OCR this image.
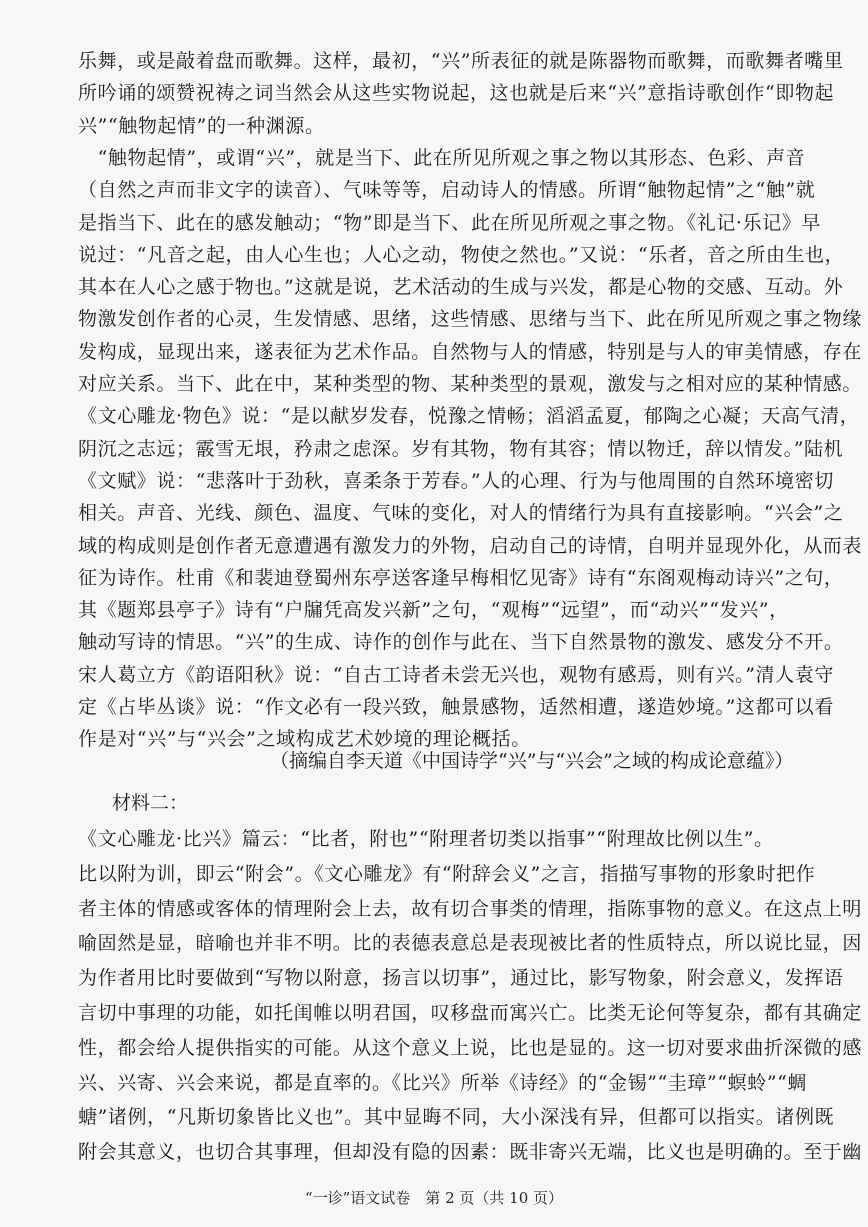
乐舞，或是敲着盘而歌舞。这样，最初，“兴”所表征的就是陈器物而歌舞，而歌舞者嘴里
所吟诵的颂赞祝祷之词当然会从这些实物说起，这也就是后来“兴”意指诗歌创作“即物起
兴”“触物起情”的一种渊源。
　“触物起情”，或谓“兴”，就是当下、此在所见所观之事之物以其形态、色彩、声音
（自然之声而非文字的读音）、气味等等，启动诗人的情感。所谓“触物起情”之“触”就
是指当下、此在的感发触动；“物”即是当下、此在所见所观之事之物。《礼记·乐记》早
说过：“凡音之起，由人心生也；人心之动，物使之然也。”又说：“乐者，音之所由生也，
其本在人心之感于物也。”这就是说，艺术活动的生成与兴发，都是心物的交感、互动。外
物激发创作者的心灵，生发情感、思绪，这些情感、思绪与当下、此在所见所观之事之物缘
发构成，显现出来，遂表征为艺术作品。自然物与人的情感，特别是与人的审美情感，存在
对应关系。当下、此在中，某种类型的物、某种类型的景观，激发与之相对应的某种情感。
《文心雕龙·物色》说：“是以献岁发春，悦豫之情畅；滔滔孟夏，郁陶之心凝；天高气清，
阴沉之志远；霰雪无垠，矜肃之虑深。岁有其物，物有其容；情以物迁，辞以情发。”陆机
《文赋》说：“悲落叶于劲秋，喜柔条于芳春。”人的心理、行为与他周围的自然环境密切
相关。声音、光线、颜色、温度、气味的变化，对人的情绪行为具有直接影响。“兴会”之
域的构成则是创作者无意遭遇有激发力的外物，启动自己的诗情，自明并显现外化，从而表
征为诗作。杜甫《和裴迪登蜀州东亭送客逢早梅相忆见寄》诗有“东阁观梅动诗兴”之句，
其《题郑县亭子》诗有“户牖凭高发兴新”之句，“观梅”“远望”，而“动兴”“发兴”，
触动写诗的情思。“兴”的生成、诗作的创作与此在、当下自然景物的激发、感发分不开。
宋人葛立方《韵语阳秋》说：“自古工诗者未尝无兴也，观物有感焉，则有兴。”清人袁守
定《占毕丛谈》说：“作文必有一段兴致，触景感物，适然相遭，遂造妙境。”这都可以看
作是对“兴”与“兴会”之域构成艺术妙境的理论概括。
（摘编自李天道《中国诗学“兴”与“兴会”之域的构成论意蕴》）
材料二：
《文心雕龙·比兴》篇云：“比者，附也”“附理者切类以指事”“附理故比例以生”。
比以附为训，即云“附会”。《文心雕龙》有“附辞会义”之言，指描写事物的形象时把作
者主体的情感或客体的情理附会上去，故有切合事类的情理，指陈事物的意义。在这点上明
喻固然是显，暗喻也并非不明。比的表德表意总是表现被比者的性质特点，所以说比显，因
为作者用比时要做到“写物以附意，扬言以切事”，通过比，影写物象，附会意义，发挥语
言切中事理的功能，如托闺帷以明君国，叹移盘而寓兴亡。比类无论何等复杂，都有其确定
性，都会给人提供指实的可能。从这个意义上说，比也是显的。这一切对要求曲折深微的感
兴、兴寄、兴会来说，都是直率的。《比兴》所举《诗经》的“金锡”“圭璋”“螟蛉”“蜩
螗”诸例，“凡斯切象皆比义也”。其中显晦不同，大小深浅有异，但都可以指实。诸例既
附会其意义，也切合其事理，但却没有隐的因素：既非寄兴无端，比义也是明确的。至于幽
“一诊”语文试卷　第 2 页（共 10 页）
